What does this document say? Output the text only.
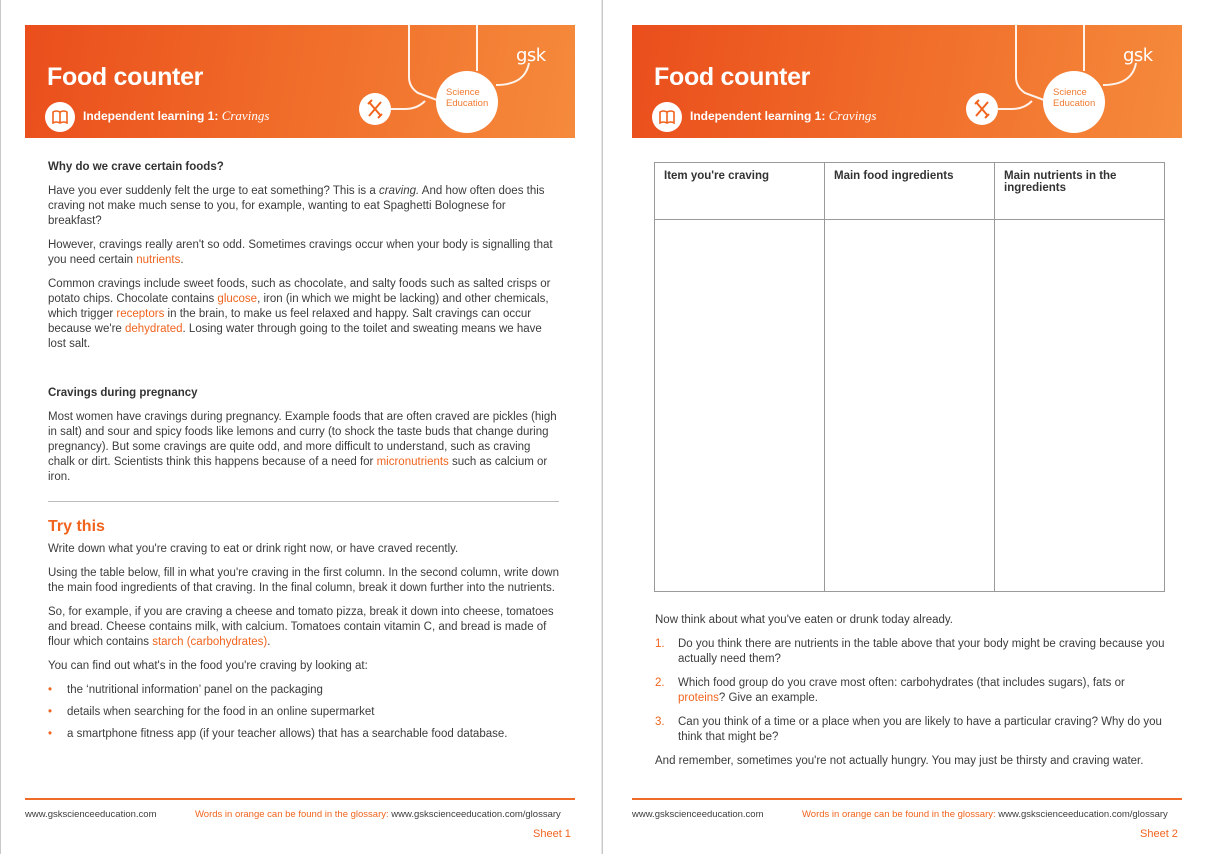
Food counter
Independent learning 1: Cravings
Science
Education
gsk

Why do we crave certain foods?

Have you ever suddenly felt the urge to eat something? This is a craving. And how often does this craving not make much sense to you, for example, wanting to eat Spaghetti Bolognese for breakfast?

However, cravings really aren't so odd. Sometimes cravings occur when your body is signalling that you need certain nutrients.

Common cravings include sweet foods, such as chocolate, and salty foods such as salted crisps or potato chips. Chocolate contains glucose, iron (in which we might be lacking) and other chemicals, which trigger receptors in the brain, to make us feel relaxed and happy. Salt cravings can occur because we're dehydrated. Losing water through going to the toilet and sweating means we have lost salt.

Cravings during pregnancy

Most women have cravings during pregnancy. Example foods that are often craved are pickles (high in salt) and sour and spicy foods like lemons and curry (to shock the taste buds that change during pregnancy). But some cravings are quite odd, and more difficult to understand, such as craving chalk or dirt. Scientists think this happens because of a need for micronutrients such as calcium or iron.

Try this

Write down what you're craving to eat or drink right now, or have craved recently.

Using the table below, fill in what you're craving in the first column. In the second column, write down the main food ingredients of that craving. In the final column, break it down further into the nutrients.

So, for example, if you are craving a cheese and tomato pizza, break it down into cheese, tomatoes and bread. Cheese contains milk, with calcium. Tomatoes contain vitamin C, and bread is made of flour which contains starch (carbohydrates).

You can find out what's in the food you're craving by looking at:

• the ‘nutritional information’ panel on the packaging
• details when searching for the food in an online supermarket
• a smartphone fitness app (if your teacher allows) that has a searchable food database.
www.gskscienceeducation.com	Words in orange can be found in the glossary: www.gskscienceeducation.com/glossary
Sheet 1
Food counter
Independent learning 1: Cravings
Science
Education
gsk
Item you're craving	Main food ingredients	Main nutrients in the ingredients

Now think about what you've eaten or drunk today already.

1. Do you think there are nutrients in the table above that your body might be craving because you actually need them?
2. Which food group do you crave most often: carbohydrates (that includes sugars), fats or proteins? Give an example.
3. Can you think of a time or a place when you are likely to have a particular craving? Why do you think that might be?

And remember, sometimes you're not actually hungry. You may just be thirsty and craving water.

www.gskscienceeducation.com	Words in orange can be found in the glossary: www.gskscienceeducation.com/glossary
Sheet 2
